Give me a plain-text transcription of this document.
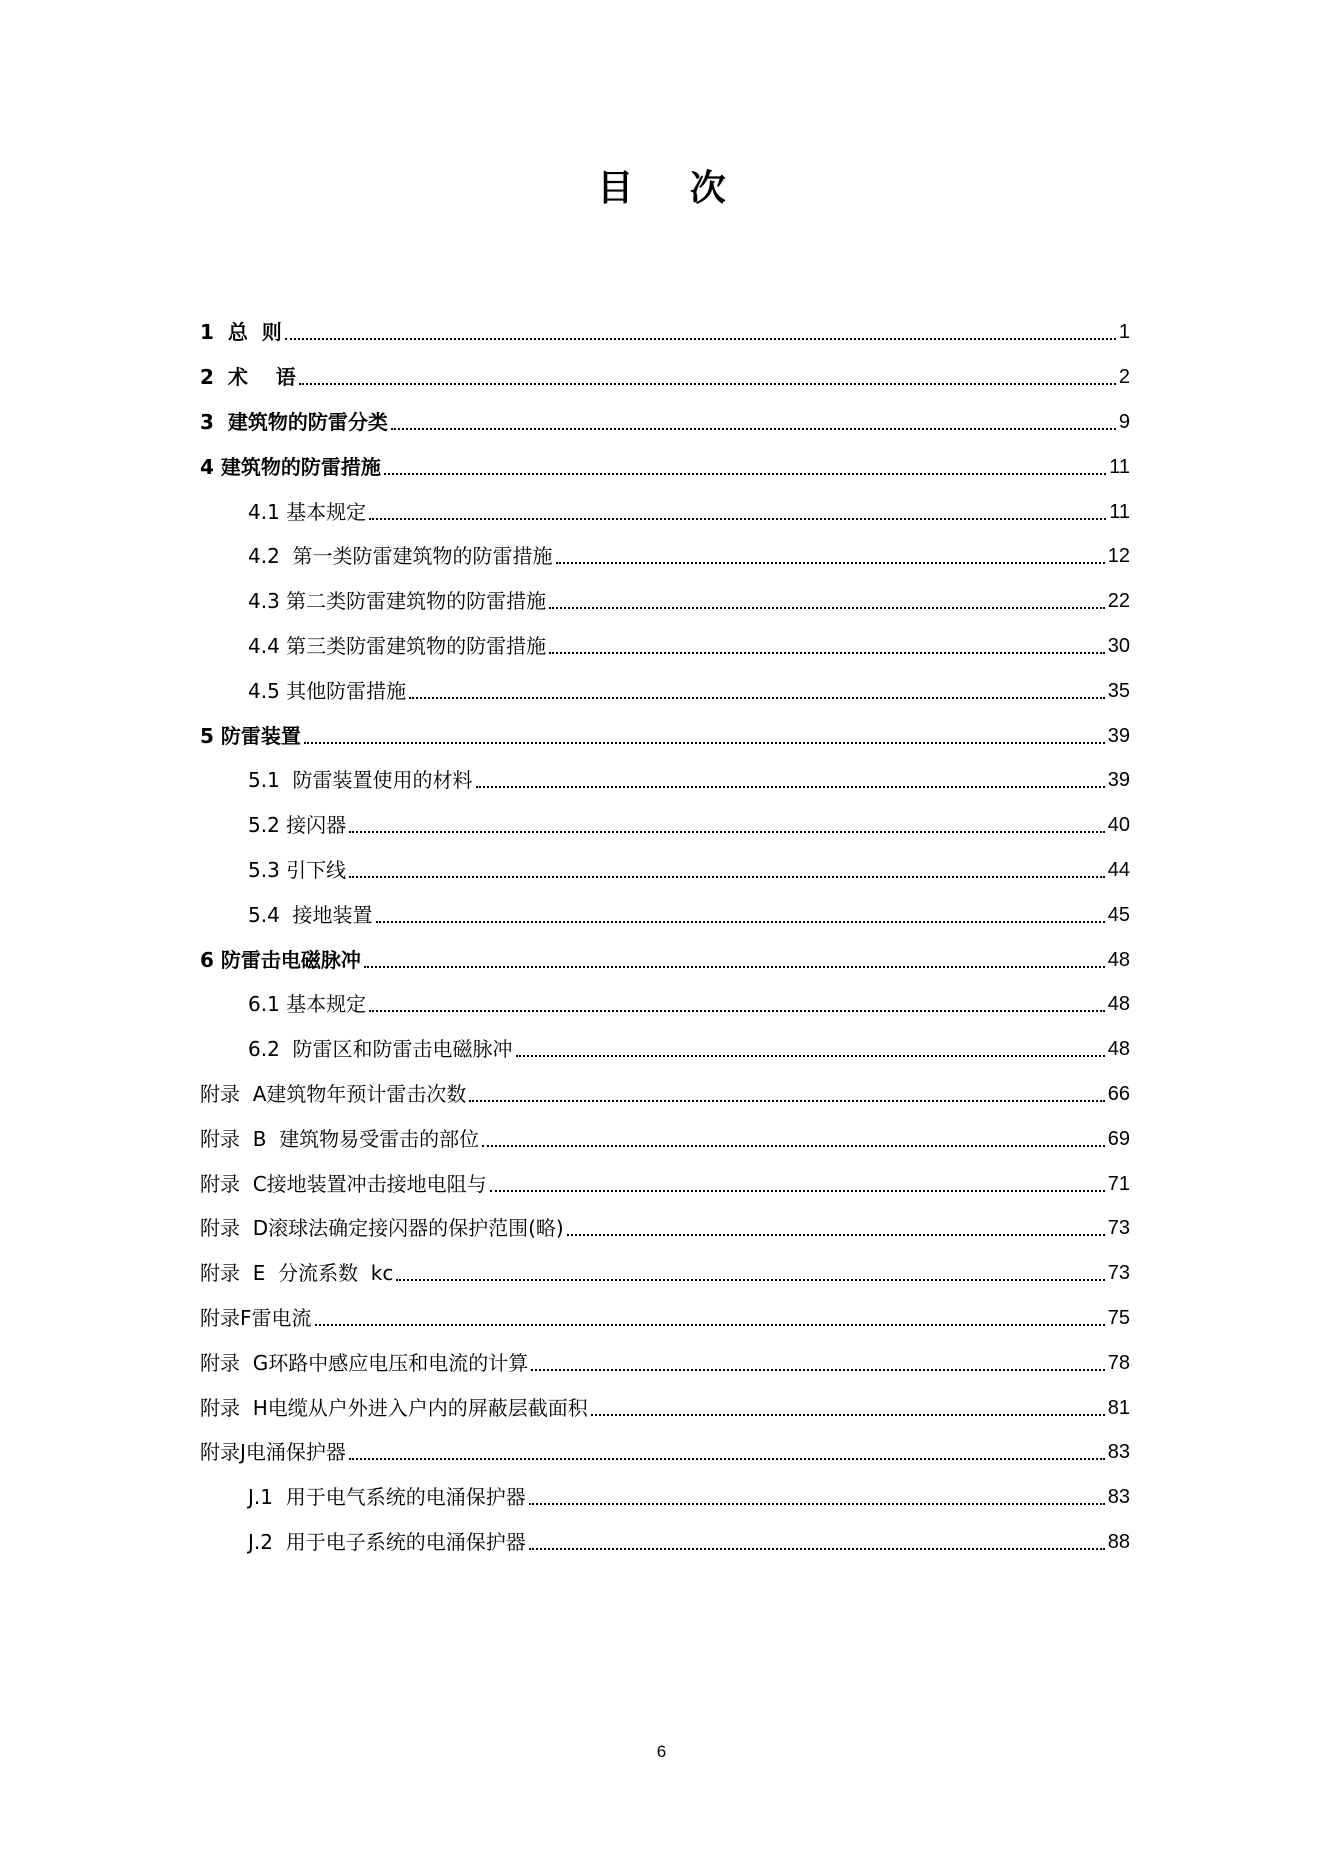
目 次
1  总  则	1
2  术    语	2
3  建筑物的防雷分类	9
4 建筑物的防雷措施	11
4.1 基本规定	11
4.2  第一类防雷建筑物的防雷措施	12
4.3 第二类防雷建筑物的防雷措施	22
4.4 第三类防雷建筑物的防雷措施	30
4.5 其他防雷措施	35
5 防雷装置	39
5.1  防雷装置使用的材料	39
5.2 接闪器	40
5.3 引下线	44
5.4  接地装置	45
6 防雷击电磁脉冲	48
6.1 基本规定	48
6.2  防雷区和防雷击电磁脉冲	48
附录  A建筑物年预计雷击次数	66
附录  B  建筑物易受雷击的部位	69
附录  C接地装置冲击接地电阻与	71
附录  D滚球法确定接闪器的保护范围(略)	73
附录  E  分流系数  kc	73
附录F雷电流	75
附录  G环路中感应电压和电流的计算	78
附录  H电缆从户外进入户内的屏蔽层截面积	81
附录J电涌保护器	83
J.1  用于电气系统的电涌保护器	83
J.2  用于电子系统的电涌保护器	88
6
